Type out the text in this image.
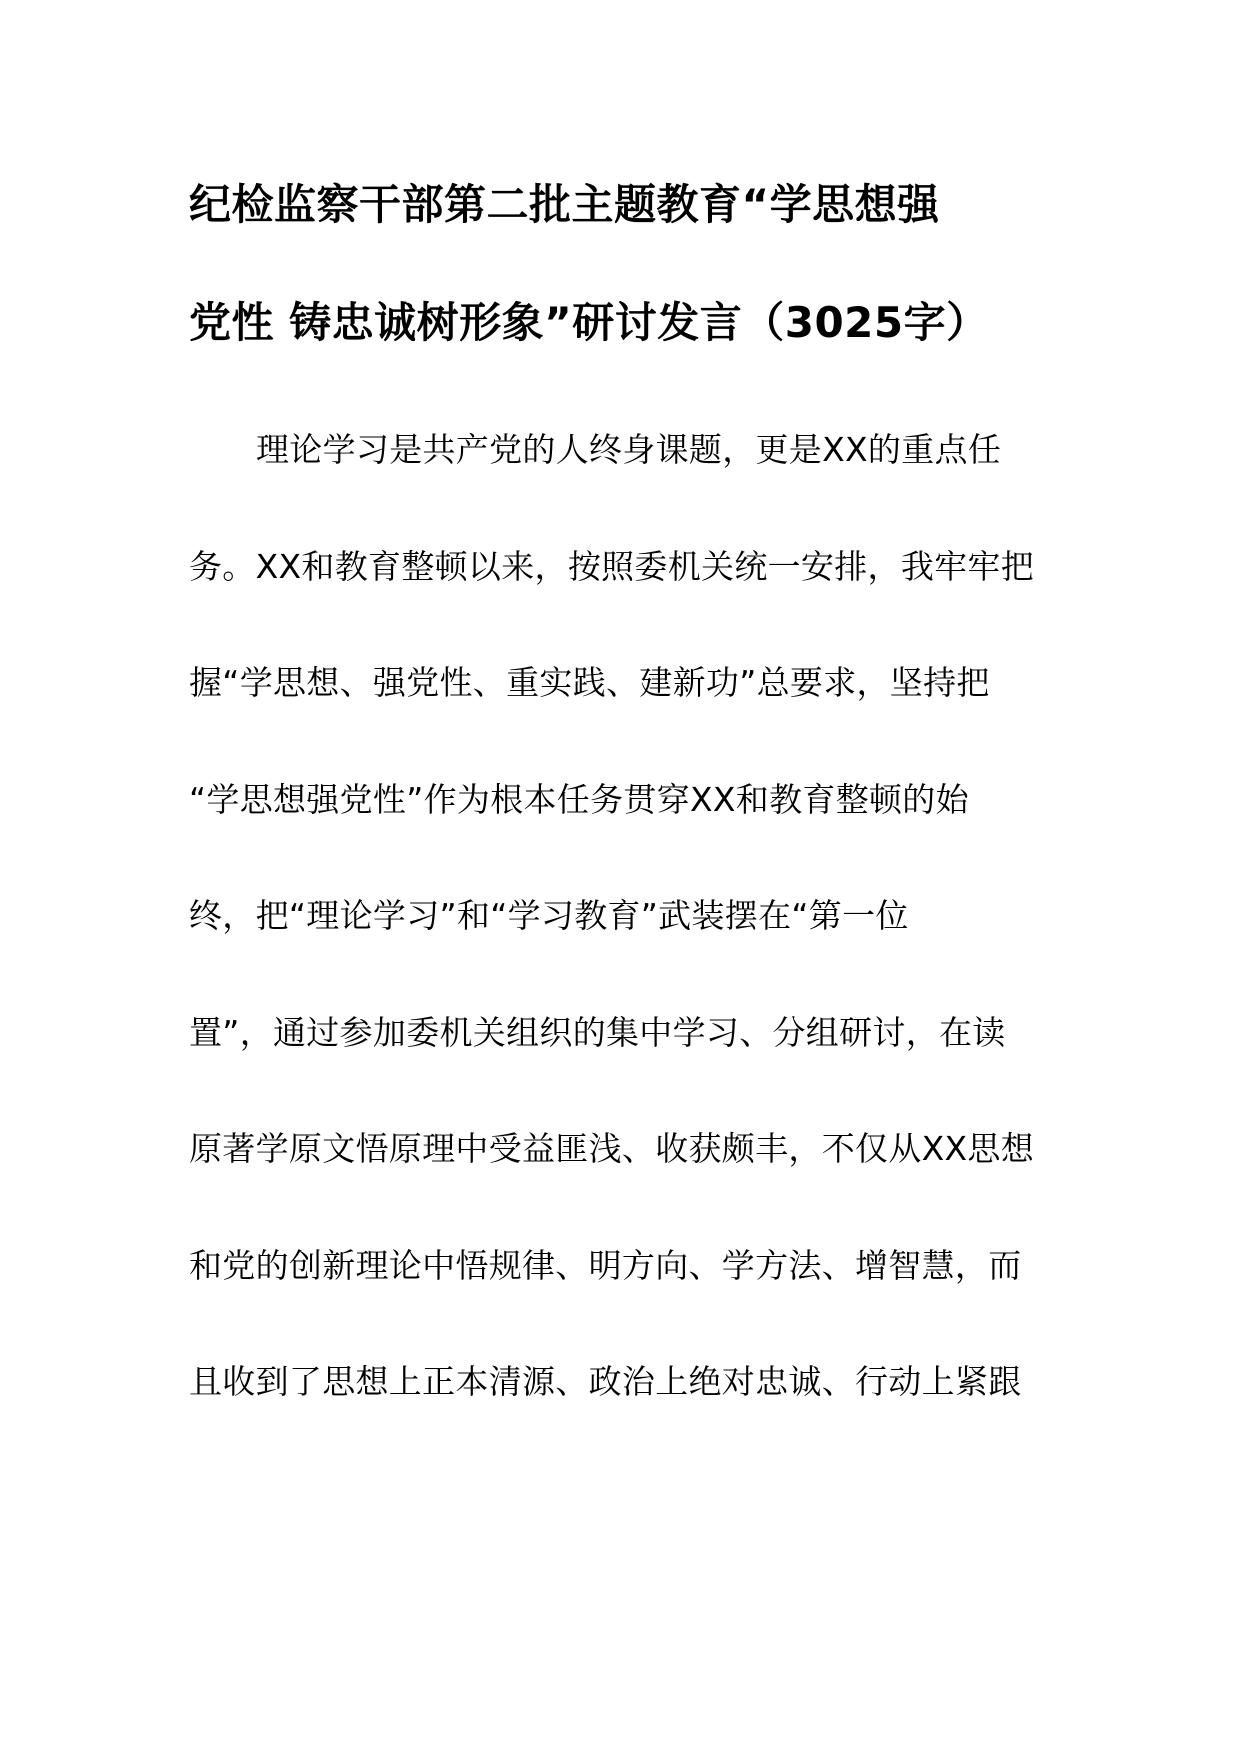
纪检监察干部第二批主题教育“学思想强
党性 铸忠诚树形象”研讨发言（3025字）
理论学习是共产党的人终身课题，更是XX的重点任
务。XX和教育整顿以来，按照委机关统一安排，我牢牢把
握“学思想、强党性、重实践、建新功”总要求，坚持把
“学思想强党性”作为根本任务贯穿XX和教育整顿的始
终，把“理论学习”和“学习教育”武装摆在“第一位
置”，通过参加委机关组织的集中学习、分组研讨，在读
原著学原文悟原理中受益匪浅、收获颇丰，不仅从XX思想
和党的创新理论中悟规律、明方向、学方法、增智慧，而
且收到了思想上正本清源、政治上绝对忠诚、行动上紧跟
